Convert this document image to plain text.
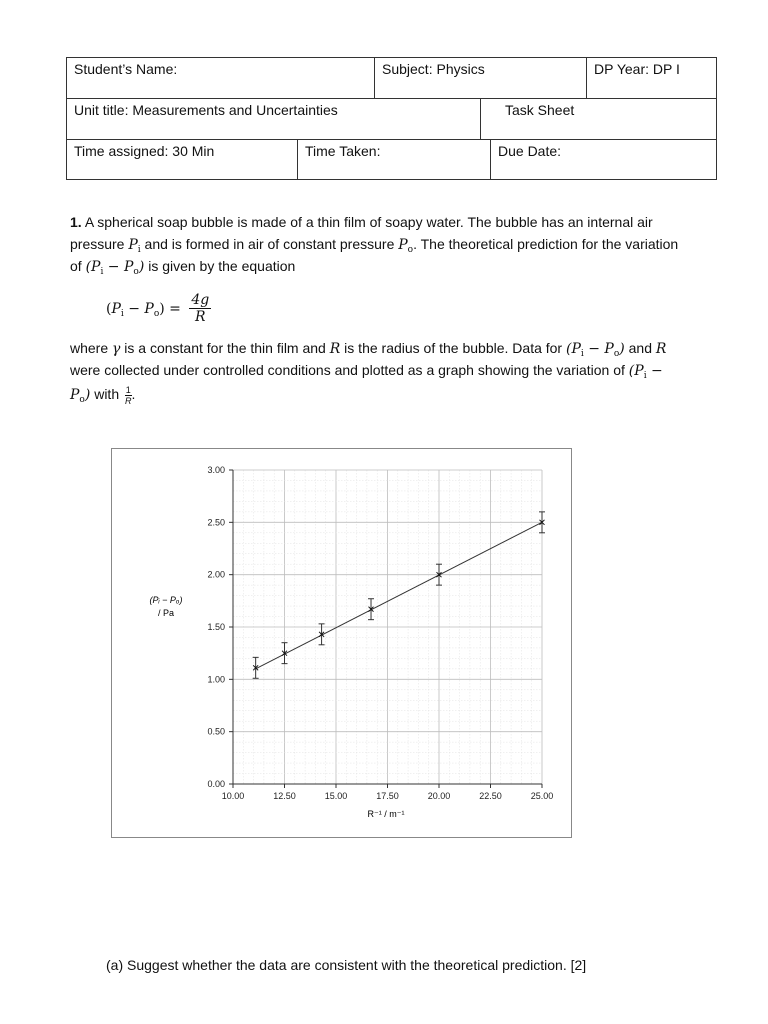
Student’s Name:	Subject: Physics	DP Year: DP I
Unit title: Measurements and Uncertainties	Task Sheet
Time assigned: 30 Min	Time Taken:	Due Date:
1. A spherical soap bubble is made of a thin film of soapy water. The bubble has an internal air
pressure $P_i$ and is formed in air of constant pressure $P_o$. The theoretical prediction for the variation
of $(P_i - P_o)$ is given by the equation
$(P_i - P_o) = \frac{4g}{R}$
where γ is a constant for the thin film and R is the radius of the bubble. Data for $(P_i - P_o)$ and R
were collected under controlled conditions and plotted as a graph showing the variation of ($P_i$ −
$P_o$) with $\frac{1}{R}$ .
10.00	12.50	15.00	17.50	20.00	22.50	25.00
0.00
0.50
1.00
1.50
2.00
2.50
3.00
(Pᵢ − Pₒ)
/ Pa
R⁻¹ / m⁻¹
(a) Suggest whether the data are consistent with the theoretical prediction. [2]
